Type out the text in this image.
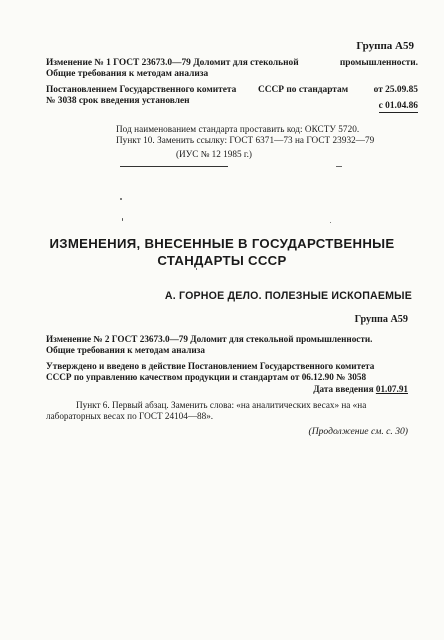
Группа А59
Изменение № 1 ГОСТ 23673.0—79 Доломит для стекольной	промышленности.
Общие требования к методам анализа
Постановлением Государственного комитета СССР по стандартам	от 25.09.85
№ 3038 срок введения установлен	с 01.04.86
Под наименованием стандарта проставить код: ОКСТУ 5720.
Пункт 10. Заменить ссылку: ГОСТ 6371—73 на ГОСТ 23932—79
(ИУС № 12 1985 г.)
ИЗМЕНЕНИЯ, ВНЕСЕННЫЕ В ГОСУДАРСТВЕННЫЕ
СТАНДАРТЫ СССР
А. ГОРНОЕ ДЕЛО. ПОЛЕЗНЫЕ ИСКОПАЕМЫЕ
Группа А59
Изменение № 2 ГОСТ 23673.0—79 Доломит для стекольной промышленности.
Общие требования к методам анализа
Утверждено и введено в действие Постановлением Государственного комитета
СССР по управлению качеством продукции и стандартам от 06.12.90 № 3058
Дата введения 01.07.91
Пункт 6. Первый абзац. Заменить слова: «на аналитических весах» на «на
лабораторных весах по ГОСТ 24104—88».
(Продолжение см. с. 30)
